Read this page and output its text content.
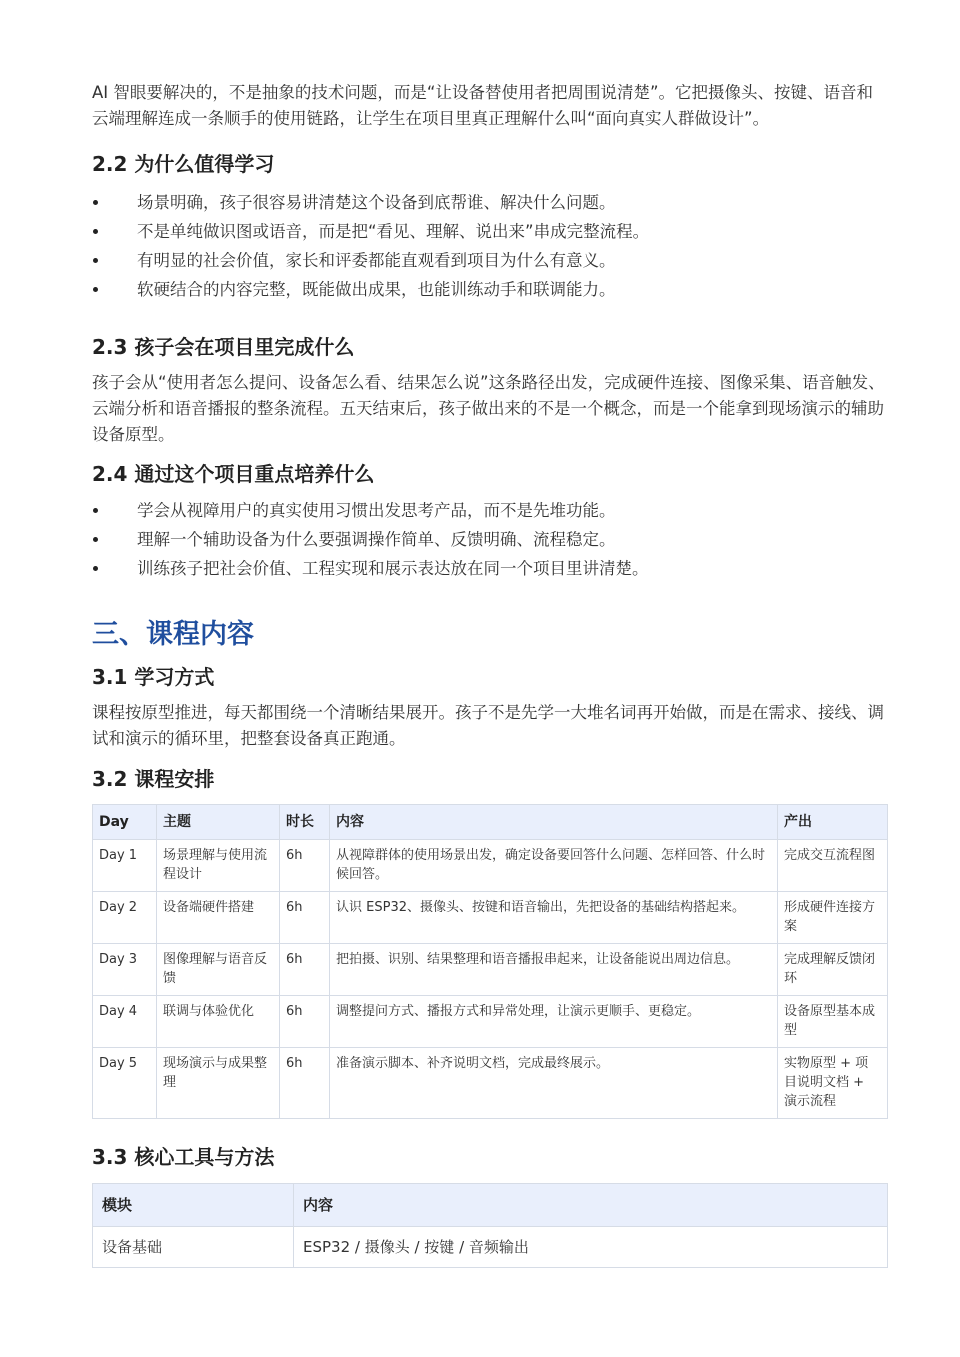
AI 智眼要解决的，不是抽象的技术问题，而是“让设备替使用者把周围说清楚”。它把摄像头、按键、语音和云端理解连成一条顺手的使用链路，让学生在项目里真正理解什么叫“面向真实人群做设计”。

2.2 为什么值得学习
场景明确，孩子很容易讲清楚这个设备到底帮谁、解决什么问题。
不是单纯做识图或语音，而是把“看见、理解、说出来”串成完整流程。
有明显的社会价值，家长和评委都能直观看到项目为什么有意义。
软硬结合的内容完整，既能做出成果，也能训练动手和联调能力。
2.3 孩子会在项目里完成什么

孩子会从“使用者怎么提问、设备怎么看、结果怎么说”这条路径出发，完成硬件连接、图像采集、语音触发、云端分析和语音播报的整条流程。五天结束后，孩子做出来的不是一个概念，而是一个能拿到现场演示的辅助设备原型。

2.4 通过这个项目重点培养什么
学会从视障用户的真实使用习惯出发思考产品，而不是先堆功能。
理解一个辅助设备为什么要强调操作简单、反馈明确、流程稳定。
训练孩子把社会价值、工程实现和展示表达放在同一个项目里讲清楚。
三、课程内容
3.1 学习方式

课程按原型推进，每天都围绕一个清晰结果展开。孩子不是先学一大堆名词再开始做，而是在需求、接线、调试和演示的循环里，把整套设备真正跑通。

3.2 课程安排
Day	主题	时长	内容	产出
Day 1	场景理解与使用流程设计	6h	从视障群体的使用场景出发，确定设备要回答什么问题、怎样回答、什么时候回答。	完成交互流程图
Day 2	设备端硬件搭建	6h	认识 ESP32、摄像头、按键和语音输出，先把设备的基础结构搭起来。	形成硬件连接方案
Day 3	图像理解与语音反馈	6h	把拍摄、识别、结果整理和语音播报串起来，让设备能说出周边信息。	完成理解反馈闭环
Day 4	联调与体验优化	6h	调整提问方式、播报方式和异常处理，让演示更顺手、更稳定。	设备原型基本成型
Day 5	现场演示与成果整理	6h	准备演示脚本、补齐说明文档，完成最终展示。	实物原型 + 项目说明文档 + 演示流程
3.3 核心工具与方法
模块	内容
设备基础	ESP32 / 摄像头 / 按键 / 音频输出
